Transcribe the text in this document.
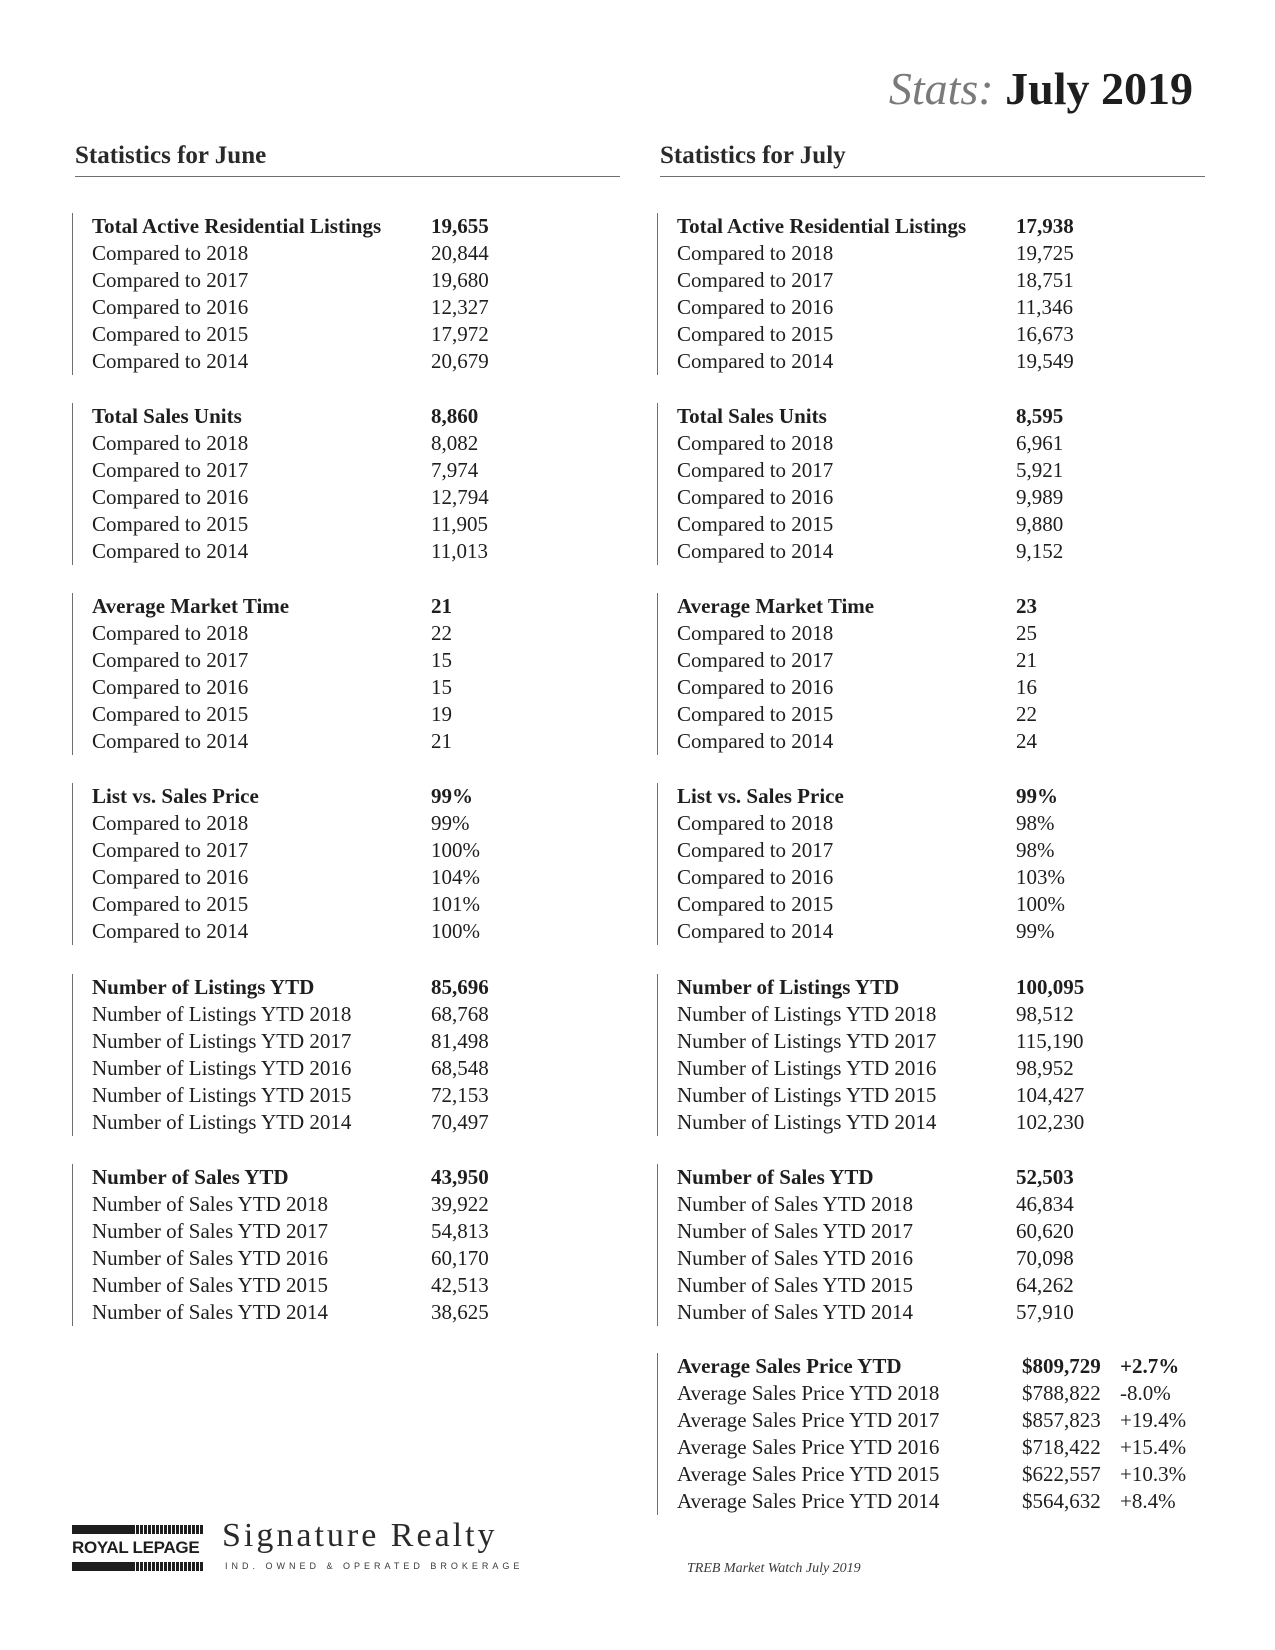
Stats: July 2019
Statistics for June	Statistics for July
Total Active Residential Listings 19,655
Compared to 2018	20,844
Compared to 2017	19,680
Compared to 2016	12,327
Compared to 2015	17,972
Compared to 2014	20,679
Total Sales Units	8,860
Compared to 2018	8,082
Compared to 2017	7,974
Compared to 2016	12,794
Compared to 2015	11,905
Compared to 2014	11,013
Average Market Time	21
Compared to 2018	22
Compared to 2017	15
Compared to 2016	15
Compared to 2015	19
Compared to 2014	21
List vs. Sales Price	99%
Compared to 2018	99%
Compared to 2017	100%
Compared to 2016	104%
Compared to 2015	101%
Compared to 2014	100%
Number of Listings YTD	85,696
Number of Listings YTD 2018	68,768
Number of Listings YTD 2017	81,498
Number of Listings YTD 2016	68,548
Number of Listings YTD 2015	72,153
Number of Listings YTD 2014	70,497
Number of Sales YTD	43,950
Number of Sales YTD 2018	39,922
Number of Sales YTD 2017	54,813
Number of Sales YTD 2016	60,170
Number of Sales YTD 2015	42,513
Number of Sales YTD 2014	38,625
Total Active Residential Listings 17,938
Compared to 2018	19,725
Compared to 2017	18,751
Compared to 2016	11,346
Compared to 2015	16,673
Compared to 2014	19,549
Total Sales Units	8,595
Compared to 2018	6,961
Compared to 2017	5,921
Compared to 2016	9,989
Compared to 2015	9,880
Compared to 2014	9,152
Average Market Time	23
Compared to 2018	25
Compared to 2017	21
Compared to 2016	16
Compared to 2015	22
Compared to 2014	24
List vs. Sales Price	99%
Compared to 2018	98%
Compared to 2017	98%
Compared to 2016	103%
Compared to 2015	100%
Compared to 2014	99%
Number of Listings YTD	100,095
Number of Listings YTD 2018	98,512
Number of Listings YTD 2017	115,190
Number of Listings YTD 2016	98,952
Number of Listings YTD 2015	104,427
Number of Listings YTD 2014	102,230
Number of Sales YTD	52,503
Number of Sales YTD 2018	46,834
Number of Sales YTD 2017	60,620
Number of Sales YTD 2016	70,098
Number of Sales YTD 2015	64,262
Number of Sales YTD 2014	57,910
Average Sales Price YTD	$809,729 +2.7%
Average Sales Price YTD 2018	$788,822 -8.0%
Average Sales Price YTD 2017	$857,823 +19.4%
Average Sales Price YTD 2016	$718,422 +15.4%
Average Sales Price YTD 2015	$622,557 +10.3%
Average Sales Price YTD 2014	$564,632 +8.4%
ROYAL LEPAGE Signature Realty
IND. OWNED & OPERATED BROKERAGE	TREB Market Watch July 2019
